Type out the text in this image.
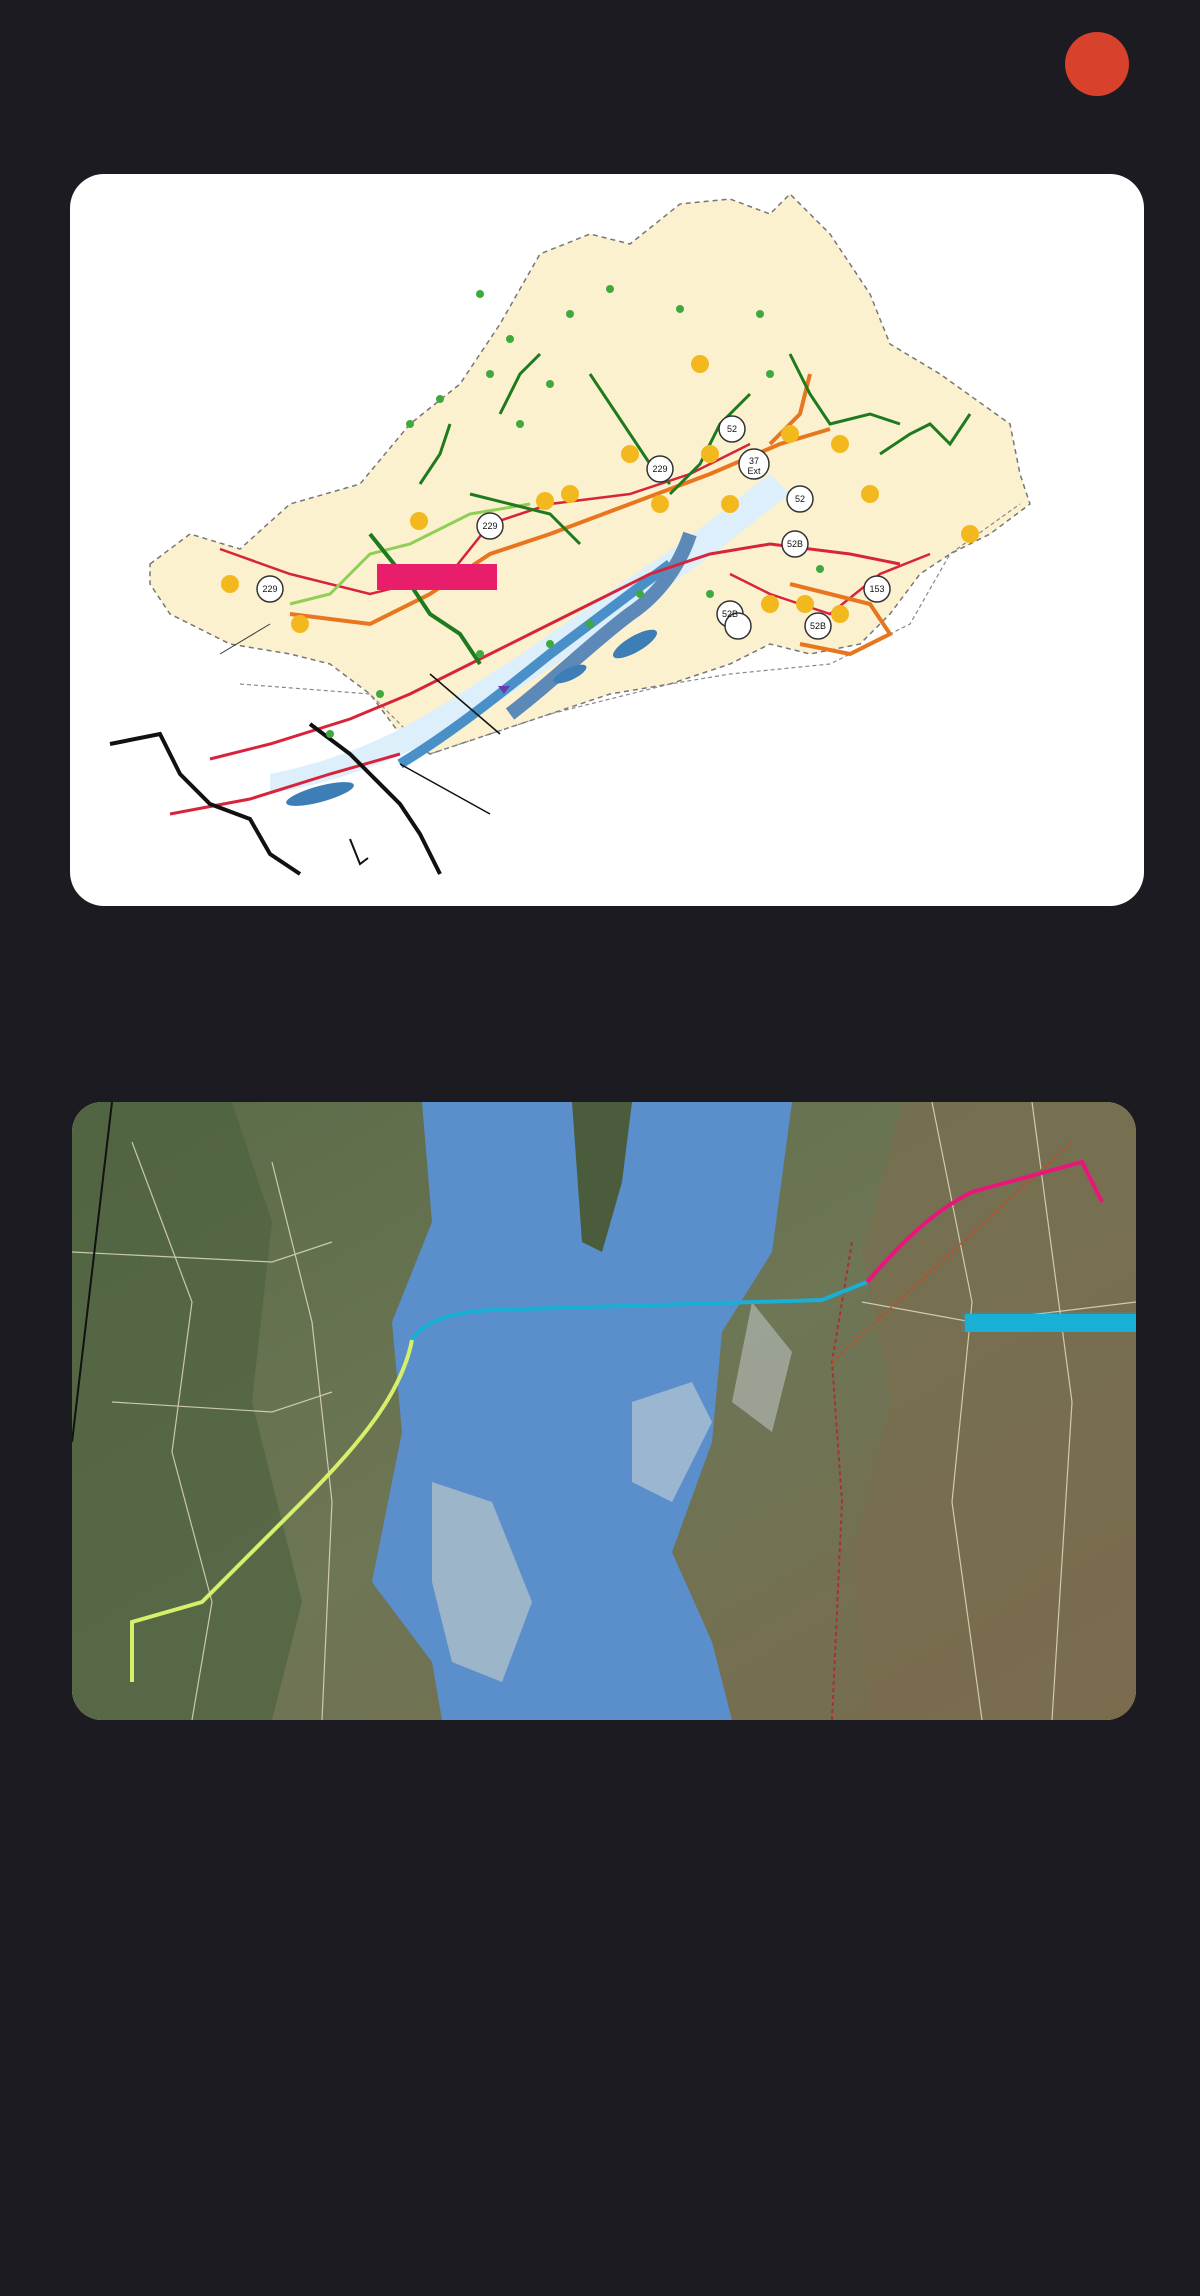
229
229
229
52
37
Ext
52
52B
52B
52B
153
